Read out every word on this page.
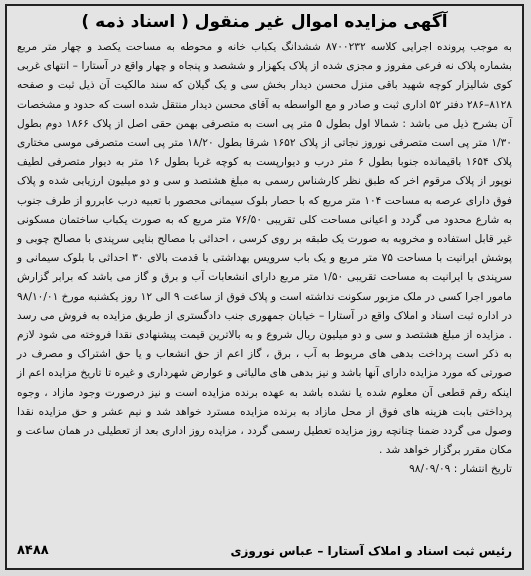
آگهی مزایده اموال غیر منقول ( اسناد ذمه )

به موجب پرونده اجرایی کلاسه ۸۷۰۰۲۳۲ ششدانگ یکباب خانه و محوطه به مساحت یکصد و چهار متر مربع بشماره پلاک نه فرعی مفروز و مجزی شده از پلاک یکهزار و ششصد و پنجاه و چهار واقع در آستارا – انتهای غربی کوی شالیزار کوچه شهید باقی منزل محسن دیدار بخش سی و یک گیلان که سند مالکیت آن ذیل ثبت و صفحه ۸۱۲۸–۲۸۶ دفتر ۵۲ اداری ثبت و صادر و مع الواسطه به آقای محسن دیدار منتقل شده است که حدود و مشخصات آن بشرح ذیل می باشد : شمالا اول بطول ۵ متر پی است به متصرفی بهمن حقی اصل از پلاک ۱۸۶۶ دوم بطول ۱/۳۰ متر پی است متصرفی نوروز نجاتی از پلاک ۱۶۵۲ شرقا بطول ۱۸/۲۰ متر پی است متصرفی موسی مختاری پلاک ۱۶۵۴ باقیمانده جنوبا بطول ۶ متر درب و دیوارپست به کوچه غربا بطول ۱۶ متر به دیوار متصرفی لطیف نوپور از پلاک مرقوم اخر که طبق نظر کارشناس رسمی به مبلغ هشتصد و سی و دو میلیون ارزیابی شده و پلاک فوق دارای عرصه به مساحت ۱۰۴ متر مربع که با حصار بلوک سیمانی محصور با تعبیه درب عابررو از طرف جنوب به شارع محدود می گردد و اعیانی مساحت کلی تقریبی ۷۶/۵۰ متر مربع که به صورت یکباب ساختمان مسکونی غیر قابل استفاده و مخروبه به صورت یک طبقه بر روی کرسی ، احداثی با مصالح بنایی سرپندی با مصالح چوبی و پوشش ایرانیت با مساحت ۷۵ متر مربع و یک باب سرویس بهداشتی با قدمت بالای ۳۰ احداثی با بلوک سیمانی و سرپندی با ایرانیت به مساحت تقریبی ۱/۵۰ متر مربع دارای انشعابات آب و برق و گاز می باشد که برابر گزارش مامور اجرا کسی در ملک مزبور سکونت نداشته است و پلاک فوق از ساعت ۹ الی ۱۲ روز یکشنبه مورخ ۹۸/۱۰/۰۱ در اداره ثبت اسناد و املاک واقع در آستارا – خیابان جمهوری جنب دادگستری از طریق مزایده به فروش می رسد . مزایده از مبلغ هشتصد و سی و دو میلیون ریال شروع و به بالاترین قیمت پیشنهادی نقدا فروخته می شود لازم به ذکر است پرداخت بدهی های مربوط به آب ، برق ، گاز اعم از حق انشعاب و یا حق اشتراک و مصرف در صورتی که مورد مزایده دارای آنها باشد و نیز بدهی های مالیاتی و عوارض شهرداری و غیره تا تاریخ مزایده اعم از اینکه رقم قطعی آن معلوم شده یا نشده باشد به عهده برنده مزایده است و نیز درصورت وجود مازاد ، وجوه پرداختی بابت هزینه های فوق از محل مازاد به برنده مزایده مسترد خواهد شد و نیم عشر و حق مزایده نقدا وصول می گردد ضمنا چنانچه روز مزایده تعطیل رسمی گردد ، مزایده روز اداری بعد از تعطیلی در همان ساعت و مکان مقرر برگزار خواهد شد .

تاریخ انتشار : ۹۸/۰۹/۰۹

رئیس ثبت اسناد و املاک آستارا – عباس نوروزی
۸۴۸۸
